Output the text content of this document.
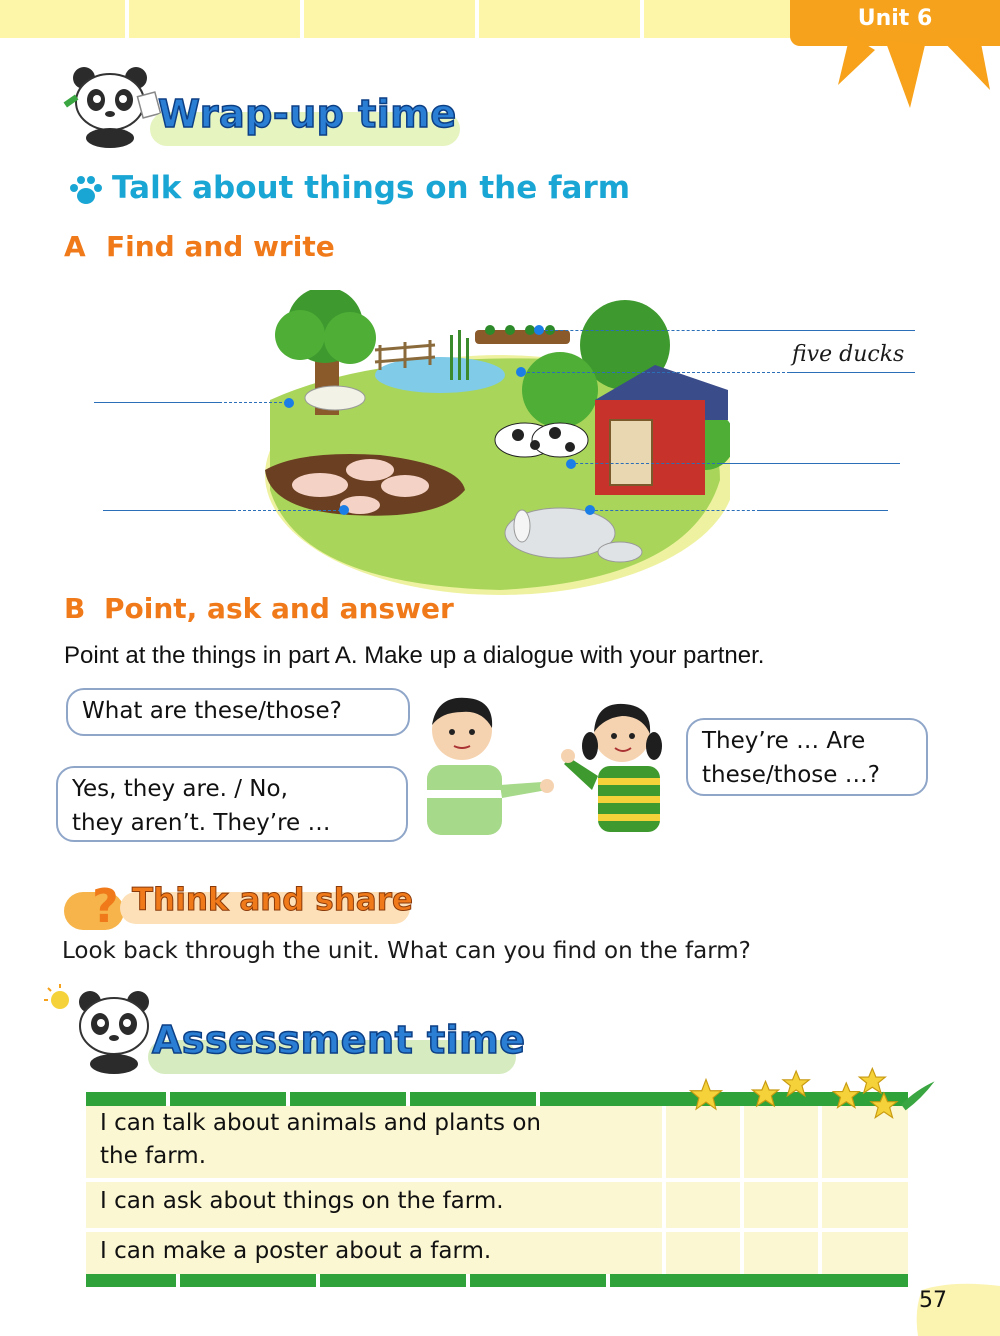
Unit 6
Wrap-up time
Talk about things on the farm
A Find and write
five ducks
B Point, ask and answer
Point at the things in part A. Make up a dialogue with your partner.
What are these/those?
Yes, they are. / No,
they aren’t. They’re …
They’re … Are
these/those …?
? Think and share
Look back through the unit. What can you find on the farm?
Assessment time
I can talk about animals and plants on
the farm.
I can ask about things on the farm.
I can make a poster about a farm.
57
